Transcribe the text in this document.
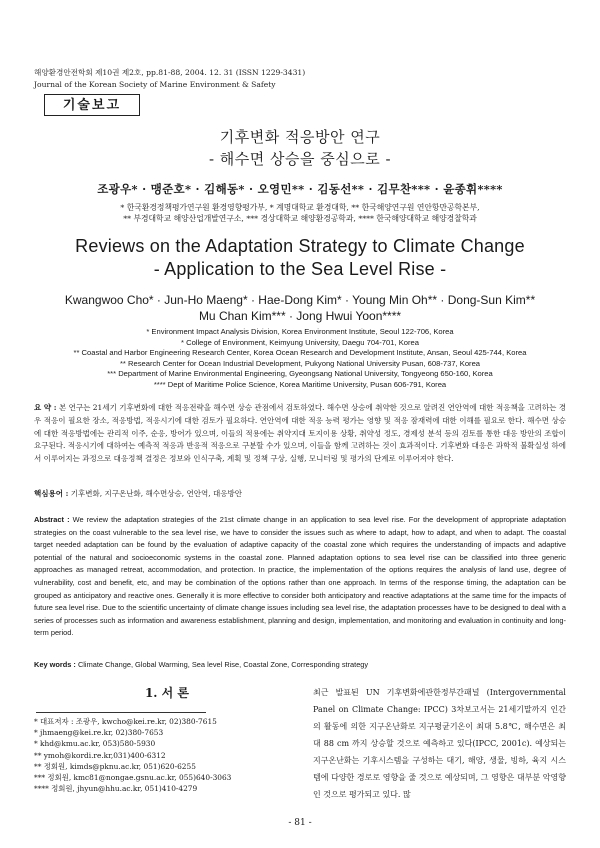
해양환경안전학회 제10권 제2호, pp.81-88, 2004. 12. 31 (ISSN 1229-3431)
Journal of the Korean Society of Marine Environment & Safety
기술보고
기후변화 적응방안 연구
- 해수면 상승을 중심으로 -
조광우* · 맹준호* · 김해동* · 오영민** · 김동선** · 김무찬*** · 윤종휘****
* 한국환경정책평가연구원 환경영향평가부, * 계명대학교 환경대학, ** 한국해양연구원 연안항만공학본부,
** 부경대학교 해양산업개발연구소, *** 경상대학교 해양환경공학과, **** 한국해양대학교 해양경찰학과
Reviews on the Adaptation Strategy to Climate Change
- Application to the Sea Level Rise -
Kwangwoo Cho* · Jun-Ho Maeng* · Hae-Dong Kim* · Young Min Oh** · Dong-Sun Kim**
Mu Chan Kim*** · Jong Hwui Yoon****
* Environment Impact Analysis Division, Korea Environment Institute, Seoul 122-706, Korea
* College of Environment, Keimyung University, Daegu 704-701, Korea
** Coastal and Harbor Engineering Research Center, Korea Ocean Research and Development Institute, Ansan, Seoul 425-744, Korea
** Research Center for Ocean Industrial Development, Pukyong National University Pusan, 608-737, Korea
*** Department of Marine Environmental Engineering, Gyeongsang National University, Tongyeong 650-160, Korea
**** Dept of Maritime Police Science, Korea Maritime University, Pusan 606-791, Korea
요 약 : 본 연구는 21세기 기후변화에 대한 적응전략을 해수면 상승 관점에서 검토하였다. 해수면 상승에 취약한 것으로 알려진 연안역에 대한 적응책을 고려하는 경우 적응이 필요한 장소, 적응방법, 적응시기에 대한 검토가 필요하다. 연안역에 대한 적응 능력 평가는 영향 및 적응 잠재력에 대한 이해를 필요로 한다. 해수면 상승에 대한 적응방법에는 관리적 이주, 순응, 방어가 있으며, 이들의 적용에는 취약지대 토지이용 상황, 취약성 정도, 경제성 분석 등의 검토를 통한 대응 방안의 조합이 요구된다. 적응시기에 대하여는 예측적 적응과 반응적 적응으로 구분할 수가 있으며, 이들을 함께 고려하는 것이 효과적이다. 기후변화 대응은 과학적 불확실성 하에서 이루어지는 과정으로 대응정책 결정은 정보와 인식구축, 계획 및 정책 구상, 실행, 모니터링 및 평가의 단계로 이루어져야 한다.
핵심용어 : 기후변화, 지구온난화, 해수면상승, 연안역, 대응방안
Abstract : We review the adaptation strategies of the 21st climate change in an application to sea level rise. For the development of appropriate adaptation strategies on the coast vulnerable to the sea level rise, we have to consider the issues such as where to adapt, how to adapt, and when to adapt. The coastal target needed adaptation can be found by the evaluation of adaptive capacity of the coastal zone which requires the understanding of impacts and adaptive potential of the natural and socioeconomic systems in the coastal zone. Planned adaptation options to sea level rise can be classified into three generic approaches as managed retreat, accommodation, and protection. In practice, the implementation of the options requires the analysis of land use, degree of vulnerability, cost and benefit, etc, and may be combination of the options rather than one approach. In terms of the response timing, the adaptation can be grouped as anticipatory and reactive ones. Generally it is more effective to consider both anticipatory and reactive adaptations at the same time for the impacts of future sea level rise. Due to the scientific uncertainty of climate change issues including sea level rise, the adaptation processes have to be designed to deal with a series of processes such as information and awareness establishment, planning and design, implementation, and monitoring and evaluation in continuity and long-term period.
Key words : Climate Change, Global Warming, Sea level Rise, Coastal Zone, Corresponding strategy
1. 서 론
* 대표저자 : 조광우, kwcho@kei.re.kr, 02)380-7615
* jhmaeng@kei.re.kr, 02)380-7653
* khd@kmu.ac.kr, 053)580-5930
** ymoh@kordi.re.kr,031)400-6312
** 정회원, kimds@pknu.ac.kr, 051)620-6255
*** 정회원, kmc81@nongae.gsnu.ac.kr, 055)640-3063
**** 정회원, jhyun@hhu.ac.kr, 051)410-4279
최근 발표된 UN 기후변화에관한정부간패널 (Intergovernmental Panel on Climate Change: IPCC) 3차보고서는 21세기말까지 인간의 활동에 의한 지구온난화로 지구평균기온이 최대 5.8℃, 해수면은 최대 88 cm 까지 상승할 것으로 예측하고 있다(IPCC, 2001c). 예상되는 지구온난화는 기후시스템을 구성하는 대기, 해양, 생물, 빙하, 육지 시스템에 다양한 경로로 영향을 줄 것으로 예상되며, 그 영향은 대부분 악영향인 것으로 평가되고 있다. 많
- 81 -
